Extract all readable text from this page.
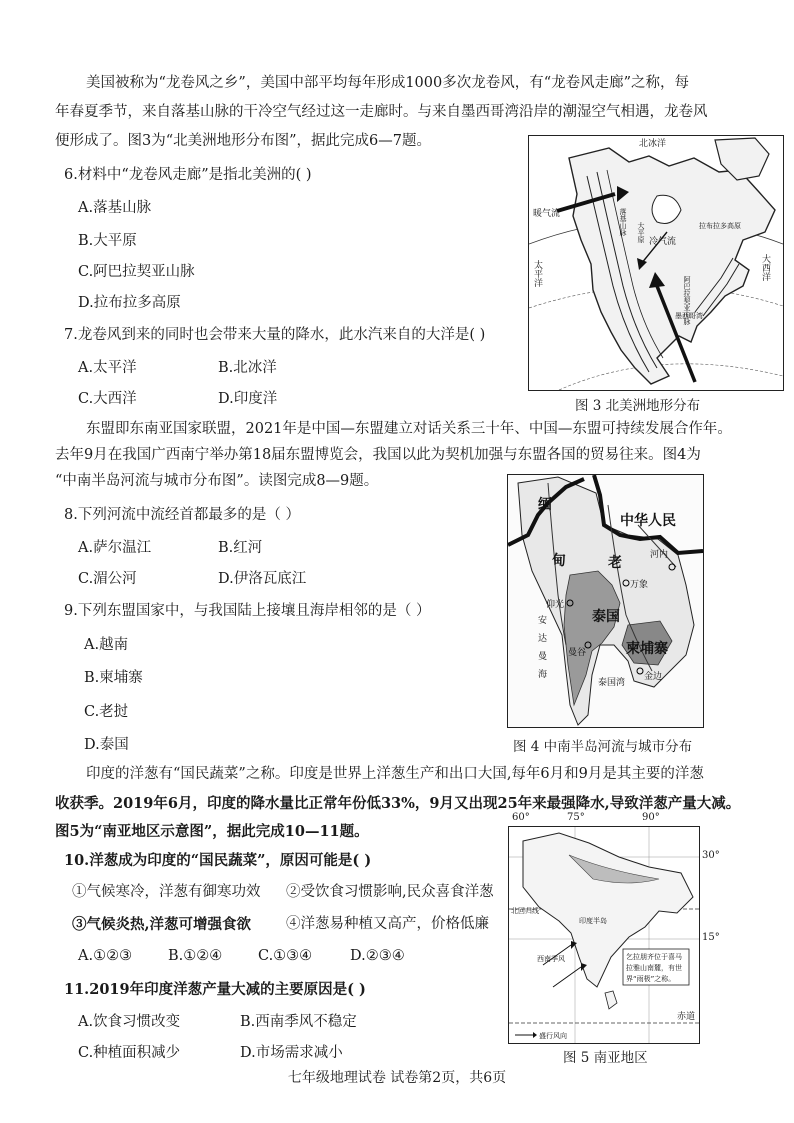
美国被称为“龙卷风之乡”，美国中部平均每年形成1000多次龙卷风，有“龙卷风走廊”之称，每
年春夏季节，来自落基山脉的干冷空气经过这一走廊时。与来自墨西哥湾沿岸的潮湿空气相遇，龙卷风
便形成了。图3为“北美洲地形分布图”，据此完成6—7题。
6.材料中“龙卷风走廊”是指北美洲的( )
A.落基山脉
B.大平原
C.阿巴拉契亚山脉
D.拉布拉多高原
7.龙卷风到来的同时也会带来大量的降水，此水汽来自的大洋是( )
A.太平洋	B.北冰洋
C.大西洋	D.印度洋
北冰洋
暖气流
拉布拉多高原
冷气流
太平洋	大西洋
落基山脉 大平原
阿巴拉契亚山脉
墨西哥湾
图 3 北美洲地形分布
东盟即东南亚国家联盟，2021年是中国—东盟建立对话关系三十年、中国—东盟可持续发展合作年。
去年9月在我国广西南宁举办第18届东盟博览会，我国以此为契机加强与东盟各国的贸易往来。图4为
“中南半岛河流与城市分布图”。读图完成8—9题。
8.下列河流中流经首都最多的是（ ）
A.萨尔温江	B.红河
C.湄公河	D.伊洛瓦底江
9.下列东盟国家中，与我国陆上接壤且海岸相邻的是（ ）
A.越南
B.柬埔寨
C.老挝
D.泰国
中华人民
缅
甸	老	河内
万象
泰国
仰光
曼谷	柬埔寨
金边
安
达
曼
海
泰国湾
图 4 中南半岛河流与城市分布
印度的洋葱有“国民蔬菜”之称。印度是世界上洋葱生产和出口大国,每年6月和9月是其主要的洋葱
收获季。2019年6月，印度的降水量比正常年份低33%，9月又出现25年来最强降水,导致洋葱产量大减。
图5为“南亚地区示意图”，据此完成10—11题。
10.洋葱成为印度的“国民蔬菜”，原因可能是( )
①气候寒冷，洋葱有御寒功效 ②受饮食习惯影响,民众喜食洋葱
③气候炎热,洋葱可增强食欲 ④洋葱易种植又高产，价格低廉
A.①②③ B.①②④ C.①③④	D.②③④
11.2019年印度洋葱产量大减的主要原因是( )
A.饮食习惯改变	B.西南季风不稳定
C.种植面积减少	D.市场需求减小
北回归线
印度半岛
西南季风	乞拉朋齐位于喜马
拉雅山南麓，有世
界“雨极”之称。
赤道
盛行风向
60°	75°	90°
30°
15°
图 5 南亚地区
七年级地理试卷 试卷第2页，共6页
